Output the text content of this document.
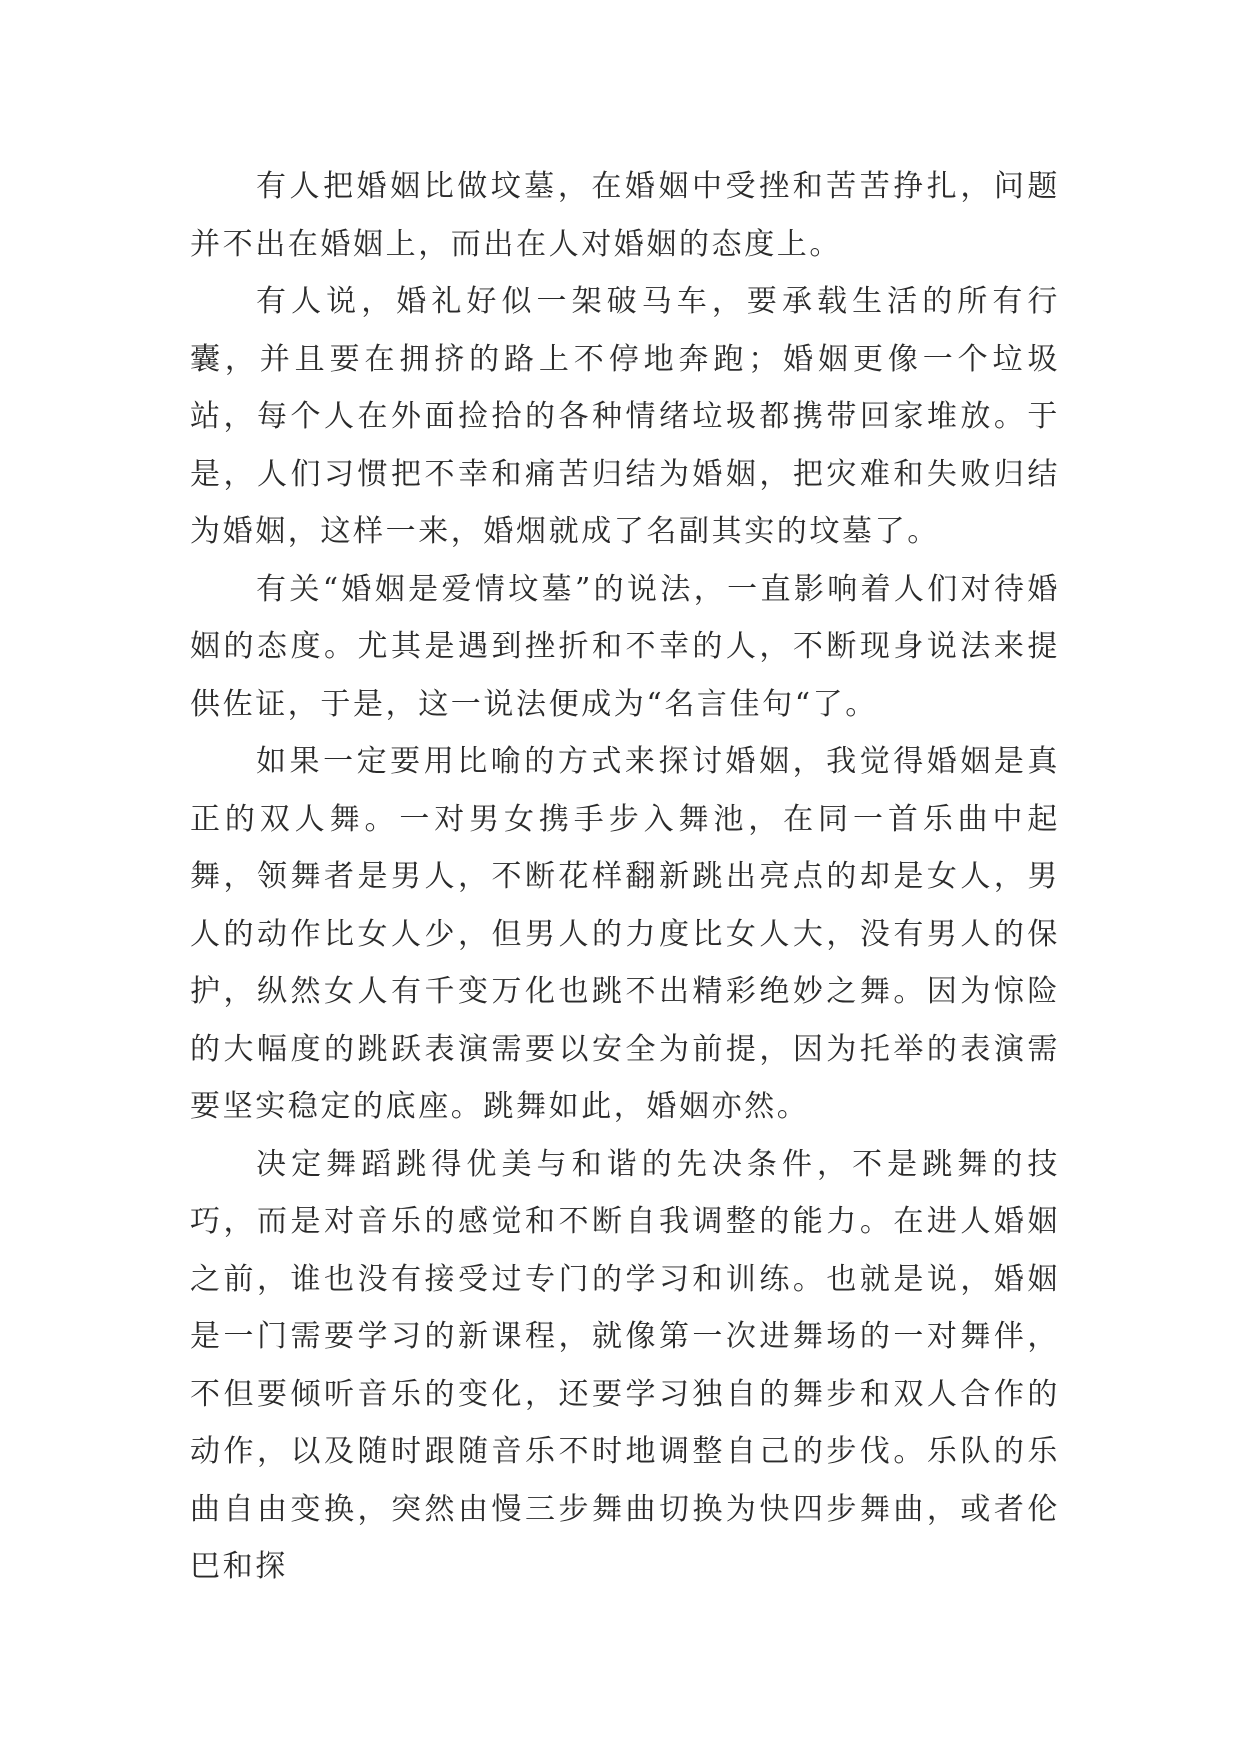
有人把婚姻比做坟墓，在婚姻中受挫和苦苦挣扎，问题并不出在婚姻上，而出在人对婚姻的态度上。

有人说，婚礼好似一架破马车，要承载生活的所有行囊，并且要在拥挤的路上不停地奔跑；婚姻更像一个垃圾站，每个人在外面捡拾的各种情绪垃圾都携带回家堆放。于是，人们习惯把不幸和痛苦归结为婚姻，把灾难和失败归结为婚姻，这样一来，婚烟就成了名副其实的坟墓了。

有关“婚姻是爱情坟墓”的说法，一直影响着人们对待婚姻的态度。尤其是遇到挫折和不幸的人，不断现身说法来提供佐证，于是，这一说法便成为“名言佳句“了。

如果一定要用比喻的方式来探讨婚姻，我觉得婚姻是真正的双人舞。一对男女携手步入舞池，在同一首乐曲中起舞，领舞者是男人，不断花样翻新跳出亮点的却是女人，男人的动作比女人少，但男人的力度比女人大，没有男人的保护，纵然女人有千变万化也跳不出精彩绝妙之舞。因为惊险的大幅度的跳跃表演需要以安全为前提，因为托举的表演需要坚实稳定的底座。跳舞如此，婚姻亦然。

决定舞蹈跳得优美与和谐的先决条件，不是跳舞的技巧，而是对音乐的感觉和不断自我调整的能力。在进人婚姻之前，谁也没有接受过专门的学习和训练。也就是说，婚姻是一门需要学习的新课程，就像第一次进舞场的一对舞伴，不但要倾听音乐的变化，还要学习独自的舞步和双人合作的动作，以及随时跟随音乐不时地调整自己的步伐。乐队的乐曲自由变换，突然由慢三步舞曲切换为快四步舞曲，或者伦巴和探
